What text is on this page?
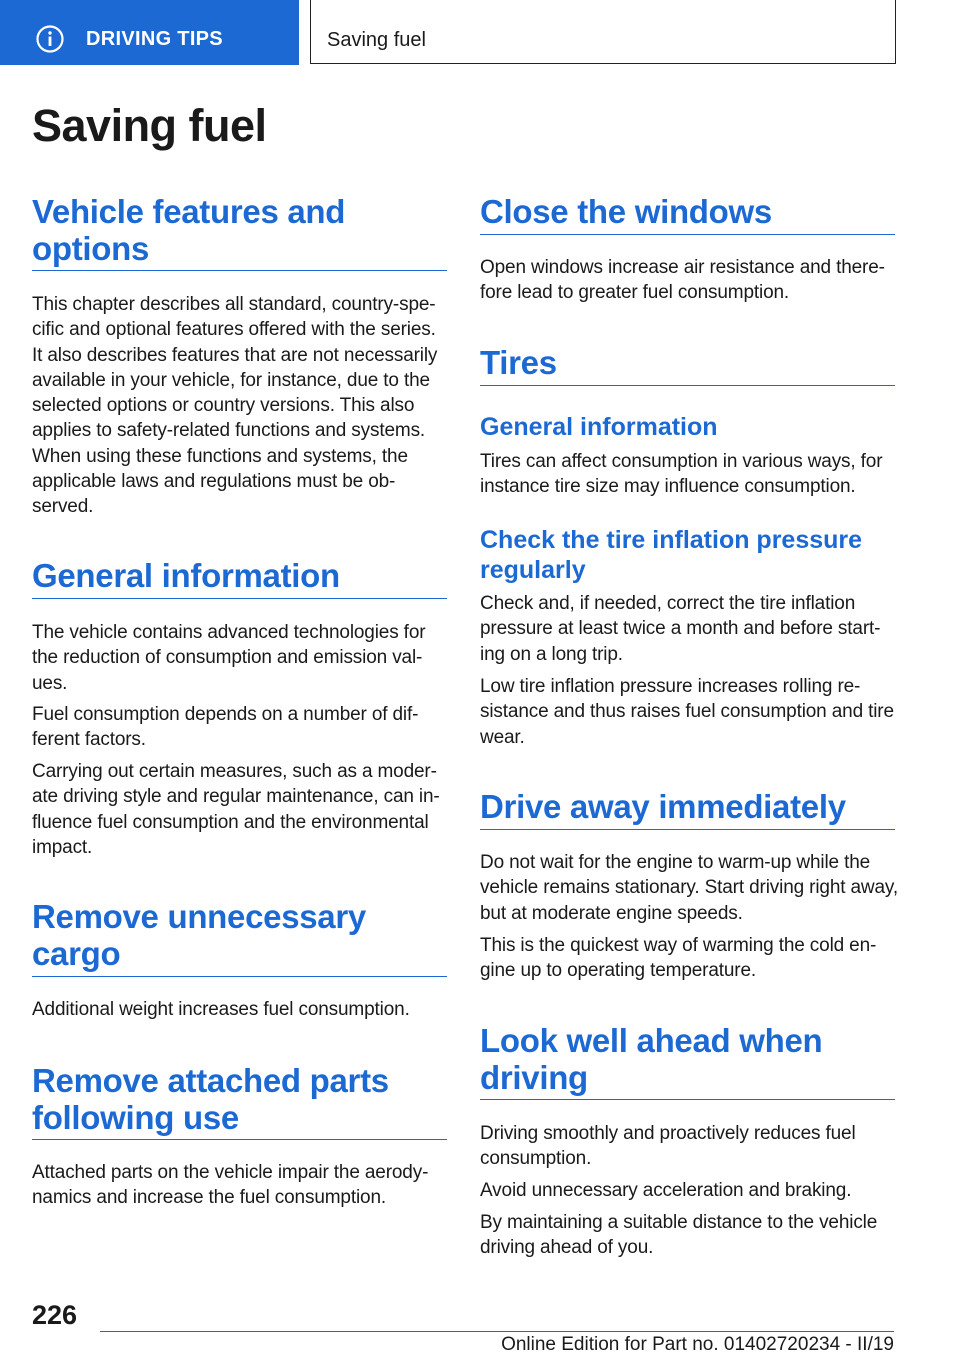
DRIVING TIPS	Saving fuel
Saving fuel
Vehicle features and options

This chapter describes all standard, country-spe-cific and optional features offered with the series. It also describes features that are not necessarily available in your vehicle, for instance, due to the selected options or country versions. This also applies to safety-related functions and systems. When using these functions and systems, the applicable laws and regulations must be ob-served.

General information

The vehicle contains advanced technologies for the reduction of consumption and emission val-ues.

Fuel consumption depends on a number of dif-ferent factors.

Carrying out certain measures, such as a moder-ate driving style and regular maintenance, can in-fluence fuel consumption and the environmental impact.

Remove unnecessary cargo

Additional weight increases fuel consumption.

Remove attached parts following use

Attached parts on the vehicle impair the aerody-namics and increase the fuel consumption.

Close the windows

Open windows increase air resistance and there-fore lead to greater fuel consumption.

Tires
General information

Tires can affect consumption in various ways, for instance tire size may influence consumption.

Check the tire inflation pressure regularly

Check and, if needed, correct the tire inflation pressure at least twice a month and before start-ing on a long trip.

Low tire inflation pressure increases rolling re-sistance and thus raises fuel consumption and tire wear.

Drive away immediately

Do not wait for the engine to warm-up while the vehicle remains stationary. Start driving right away, but at moderate engine speeds.

This is the quickest way of warming the cold en-gine up to operating temperature.

Look well ahead when driving

Driving smoothly and proactively reduces fuel consumption.

Avoid unnecessary acceleration and braking.

By maintaining a suitable distance to the vehicle driving ahead of you.

226
Online Edition for Part no. 01402720234 - II/19
